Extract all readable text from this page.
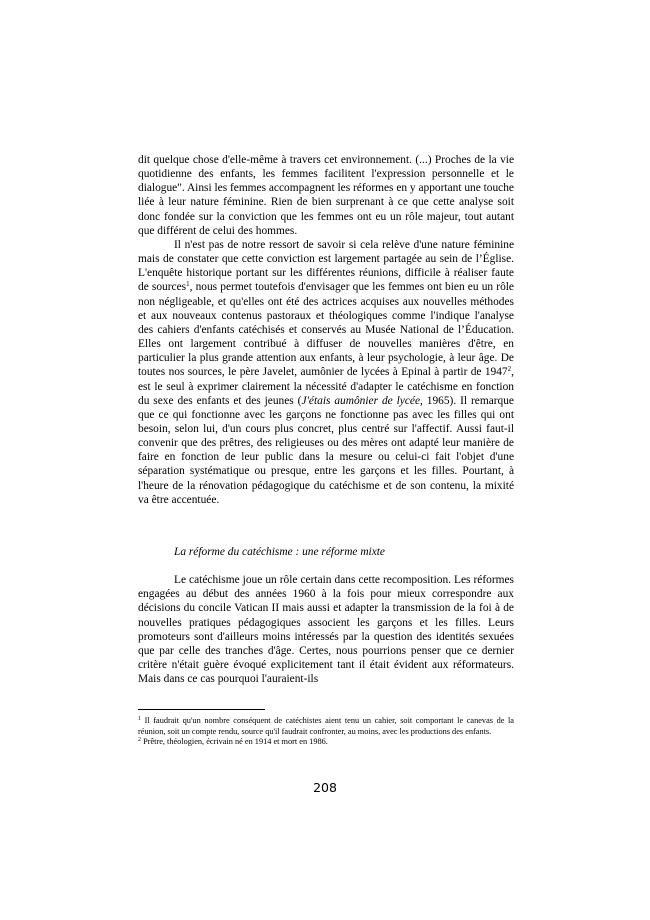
dit quelque chose d'elle-même à travers cet environnement. (...) Proches de la vie quotidienne des enfants, les femmes facilitent l'expression personnelle et le dialogue". Ainsi les femmes accompagnent les réformes en y apportant une touche liée à leur nature féminine. Rien de bien surprenant à ce que cette analyse soit donc fondée sur la conviction que les femmes ont eu un rôle majeur, tout autant que différent de celui des hommes.

Il n'est pas de notre ressort de savoir si cela relève d'une nature féminine mais de constater que cette conviction est largement partagée au sein de l’Église. L'enquête historique portant sur les différentes réunions, difficile à réaliser faute de sources$^1$, nous permet toutefois d'envisager que les femmes ont bien eu un rôle non négligeable, et qu'elles ont été des actrices acquises aux nouvelles méthodes et aux nouveaux contenus pastoraux et théologiques comme l'indique l'analyse des cahiers d'enfants catéchisés et conservés au Musée National de l’Éducation. Elles ont largement contribué à diffuser de nouvelles manières d'être, en particulier la plus grande attention aux enfants, à leur psychologie, à leur âge. De toutes nos sources, le père Javelet, aumônier de lycées à Epinal à partir de 1947$^2$, est le seul à exprimer clairement la nécessité d'adapter le catéchisme en fonction du sexe des enfants et des jeunes (J'étais aumônier de lycée, 1965). Il remarque que ce qui fonctionne avec les garçons ne fonctionne pas avec les filles qui ont besoin, selon lui, d'un cours plus concret, plus centré sur l'affectif. Aussi faut-il convenir que des prêtres, des religieuses ou des mères ont adapté leur manière de faire en fonction de leur public dans la mesure ou celui-ci fait l'objet d'une séparation systématique ou presque, entre les garçons et les filles. Pourtant, à l'heure de la rénovation pédagogique du catéchisme et de son contenu, la mixité va être accentuée.

La réforme du catéchisme : une réforme mixte

Le catéchisme joue un rôle certain dans cette recomposition. Les réformes engagées au début des années 1960 à la fois pour mieux correspondre aux décisions du concile Vatican II mais aussi et adapter la transmission de la foi à de nouvelles pratiques pédagogiques associent les garçons et les filles. Leurs promoteurs sont d'ailleurs moins intéressés par la question des identités sexuées que par celle des tranches d'âge. Certes, nous pourrions penser que ce dernier critère n'était guère évoqué explicitement tant il était évident aux réformateurs. Mais dans ce cas pourquoi l'auraient-ils

$^1$ Il faudrait qu'un nombre conséquent de catéchistes aient tenu un cahier, soit comportant le canevas de la réunion, soit un compte rendu, source qu'il faudrait confronter, au moins, avec les productions des enfants.

$^2$ Prêtre, théologien, écrivain né en 1914 et mort en 1986.

208
